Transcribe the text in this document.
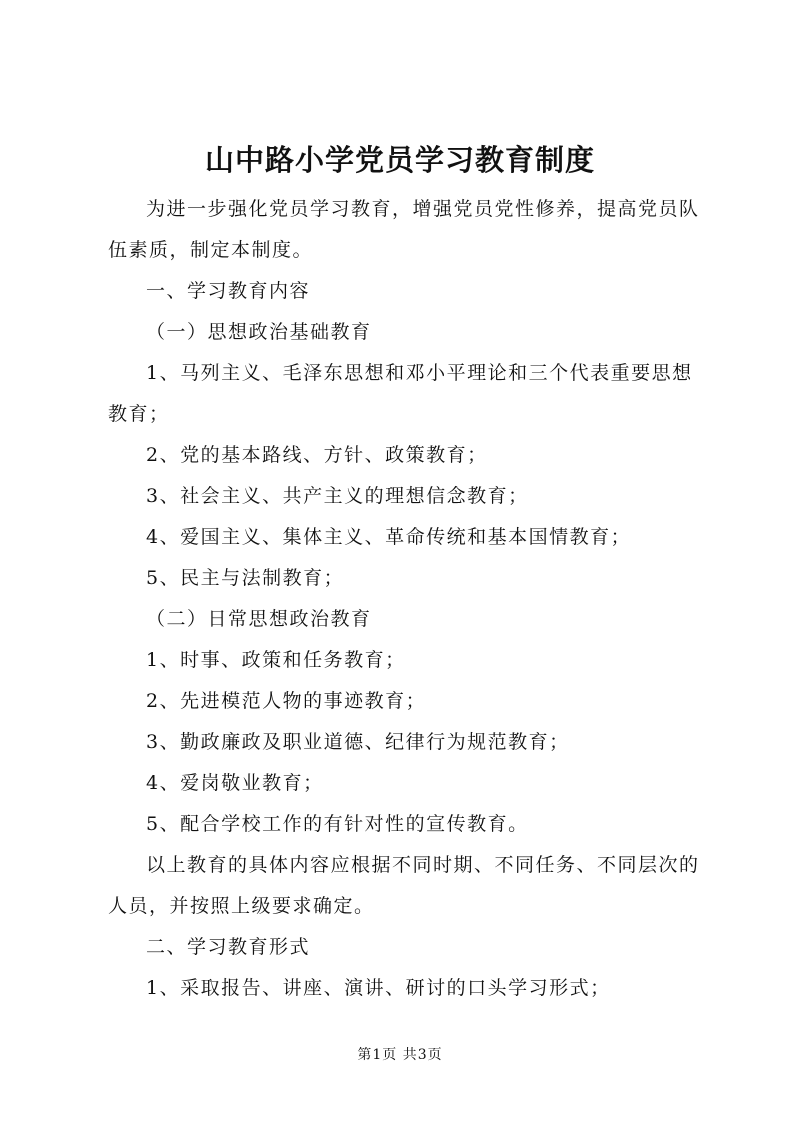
山中路小学党员学习教育制度

为进一步强化党员学习教育，增强党员党性修养，提高党员队伍素质，制定本制度。

一、学习教育内容

（一）思想政治基础教育

1、马列主义、毛泽东思想和邓小平理论和三个代表重要思想教育；

2、党的基本路线、方针、政策教育；

3、社会主义、共产主义的理想信念教育；

4、爱国主义、集体主义、革命传统和基本国情教育；

5、民主与法制教育；

（二）日常思想政治教育

1、时事、政策和任务教育；

2、先进模范人物的事迹教育；

3、勤政廉政及职业道德、纪律行为规范教育；

4、爱岗敬业教育；

5、配合学校工作的有针对性的宣传教育。

以上教育的具体内容应根据不同时期、不同任务、不同层次的人员，并按照上级要求确定。

二、学习教育形式

1、采取报告、讲座、演讲、研讨的口头学习形式；

第1页 共3页
